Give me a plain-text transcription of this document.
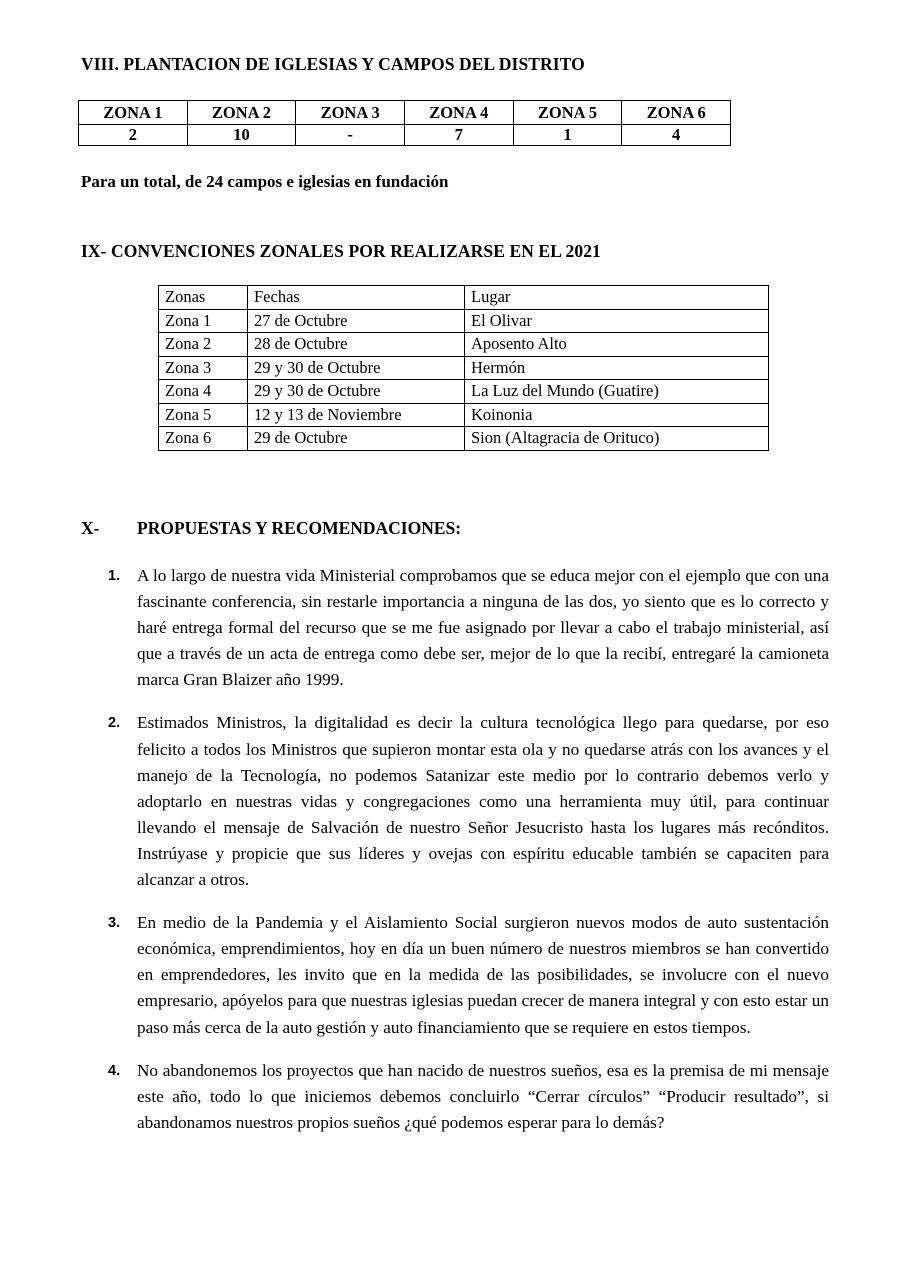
VIII. PLANTACION DE IGLESIAS Y CAMPOS DEL DISTRITO
ZONA 1	ZONA 2	ZONA 3	ZONA 4	ZONA 5	ZONA 6
2	10	-	7	1	4
Para un total, de 24 campos e iglesias en fundación
IX- CONVENCIONES ZONALES POR REALIZARSE EN EL 2021
Zonas	Fechas	Lugar
Zona 1	27 de Octubre	El Olivar
Zona 2	28 de Octubre	Aposento Alto
Zona 3	29 y 30 de Octubre	Hermón
Zona 4	29 y 30 de Octubre	La Luz del Mundo (Guatire)
Zona 5	12 y 13 de Noviembre	Koinonia
Zona 6	29 de Octubre	Sion (Altagracia de Orituco)
X- PROPUESTAS Y RECOMENDACIONES:
1. A lo largo de nuestra vida Ministerial comprobamos que se educa mejor con el ejemplo que con una fascinante conferencia, sin restarle importancia a ninguna de las dos, yo siento que es lo correcto y haré entrega formal del recurso que se me fue asignado por llevar a cabo el trabajo ministerial, así que a través de un acta de entrega como debe ser, mejor de lo que la recibí, entregaré la camioneta marca Gran Blaizer año 1999.
2. Estimados Ministros, la digitalidad es decir la cultura tecnológica llego para quedarse, por eso felicito a todos los Ministros que supieron montar esta ola y no quedarse atrás con los avances y el manejo de la Tecnología, no podemos Satanizar este medio por lo contrario debemos verlo y adoptarlo en nuestras vidas y congregaciones como una herramienta muy útil, para continuar llevando el mensaje de Salvación de nuestro Señor Jesucristo hasta los lugares más recónditos. Instrúyase y propicie que sus líderes y ovejas con espíritu educable también se capaciten para alcanzar a otros.
3. En medio de la Pandemia y el Aislamiento Social surgieron nuevos modos de auto sustentación económica, emprendimientos, hoy en día un buen número de nuestros miembros se han convertido en emprendedores, les invito que en la medida de las posibilidades, se involucre con el nuevo empresario, apóyelos para que nuestras iglesias puedan crecer de manera integral y con esto estar un paso más cerca de la auto gestión y auto financiamiento que se requiere en estos tiempos.
4. No abandonemos los proyectos que han nacido de nuestros sueños, esa es la premisa de mi mensaje este año, todo lo que iniciemos debemos concluirlo “Cerrar círculos” “Producir resultado”, si abandonamos nuestros propios sueños ¿qué podemos esperar para lo demás?
